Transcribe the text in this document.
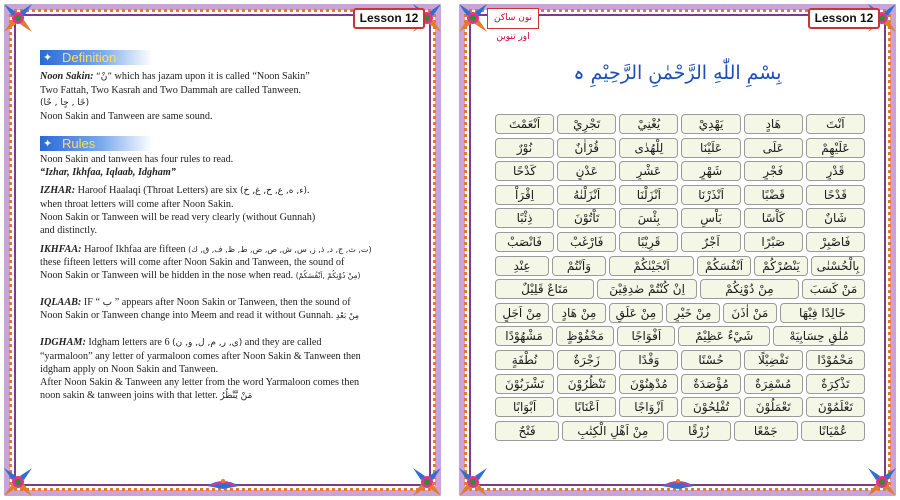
Lesson 12
✦ Definition
Noon Sakin: “نْ” which has jazam upon it is called “Noon Sakin”
Two Fattah, Two Kasrah and Two Dammah are called Tanween.
(حًا , حٍا , حٌا)
Noon Sakin and Tanween are same sound.
✦ Rules
Noon Sakin and tanween has four rules to read.
“Izhar, Ikhfaa, Iqlaab, Idgham”
IZHAR: Haroof Haalaqi (Throat Letters) are six (ء, ه, ع, ح, غ, خ).
when throat letters will come after Noon Sakin.
Noon Sakin or Tanween will be read very clearly (without Gunnah)
and distinctly.
IKHFAA: Haroof Ikhfaa are fifteen (ت, ث, ج, د, ذ, ز, س, ش, ص, ض, ط, ظ, ف, ق, ك)
these fifteen letters will come after Noon Sakin and Tanween, the sound of
Noon Sakin or Tanween will be hidden in the nose when read. (مِنْ دُوْنِكُمْ ,اَنْفُسَكُمْ)
IQLAAB: IF “ ب ” appears after Noon Sakin or Tanween, then the sound of
Noon Sakin or Tanween change into Meem and read it without Gunnah. مِنْ بَعْدِ
IDGHAM: Idgham letters are 6 (ى, ر, م, ل, و, ن) and they are called
“yarmaloon” any letter of yarmaloon comes after Noon Sakin & Tanween then
idgham apply on Noon Sakin and Tanween.
After Noon Sakin & Tanween any letter from the word Yarmaloon comes then
noon sakin & tanween joins with that letter. مَنْ يَّنْظُرُ
نون ساکن اور تنوین
Lesson 12
بِسْمِ اللّٰهِ الرَّحْمٰنِ الرَّحِیْمِ ہ
اَنْتَ
هَادٍ
يَهْدِيْ
يُغْنِيْ
تَجْرِيْ
اَنْعَمْتَ
عَلَيْهِمْ
عَلَى
عَلَيْنَا
لِلْهُدٰى
قُرْاٰنٌ
نُوْرٌ
قَدْرٍ
فَجْرٍ
شَهْرٍ
عَشْرٍ
عَدْنٍ
كَدْحًا
قَدْحًا
قَضْبًا
اَنْذَرْنَا
اَنْزَلْنَا
اَنْزَلْنٰهُ
اِقْرَاْ
شَانٌ
كَاْسًا
بَاْسٍ
بِئْسَ
تَاْتُوْنَ
ذِئْبًا
فَاصْبِرْ
صَبْرًا
اَجْرٌ
قَرِيْبًا
فَارْغَبْ
فَانْصَبْ
بِالْحُسْنٰى
يَنْصُرْكُمْ
اَنْفُسَكُمْ
اَنْجَيْنٰكُمْ
وَاَنْتُمْ
عِنْدِ
مَنْ كَسَبَ
مِنْ دُوْنِكُمْ
اِنْ كُنْتُمْ صٰدِقِيْنَ
مَتَاعٌ قَلِيْلٌ
خَالِدًا فِيْهَا
مَنْ اٰذَنَ
مِنْ خَيْرٍ
مِنْ عَلَقٍ
مِنْ هَادٍ
مِنْ اَجَلٍ
مُلٰقٍ حِسَابِيَهْ
شَيْءٌ عَظِيْمٌ
اَفْوَاجًا
مَحْفُوْظٍ
مَشْهُوْدًا
مَحْمُوْدًا
تَفْضِيْلًا
حُسْنًا
وَفْدًا
زَجْرَةٌ
نُطْفَةٍ
تَذْكِرَةٌ
مُسْفِرَةٌ
مُؤْصَدَةٌ
مُدْهِنُوْنَ
تَنْظُرُوْنَ
تَشْرَبُوْنَ
تَعْلَمُوْنَ
تَعْمَلُوْنَ
تُفْلِحُوْنَ
اَزْوَاجًا
اَعْنَابًا
اَبْوَابًا
عُمْيَانًا
جَمْعًا
زُرْقًا
مِنْ اَهْلِ الْكِتٰبِ
فَتْحٌ
